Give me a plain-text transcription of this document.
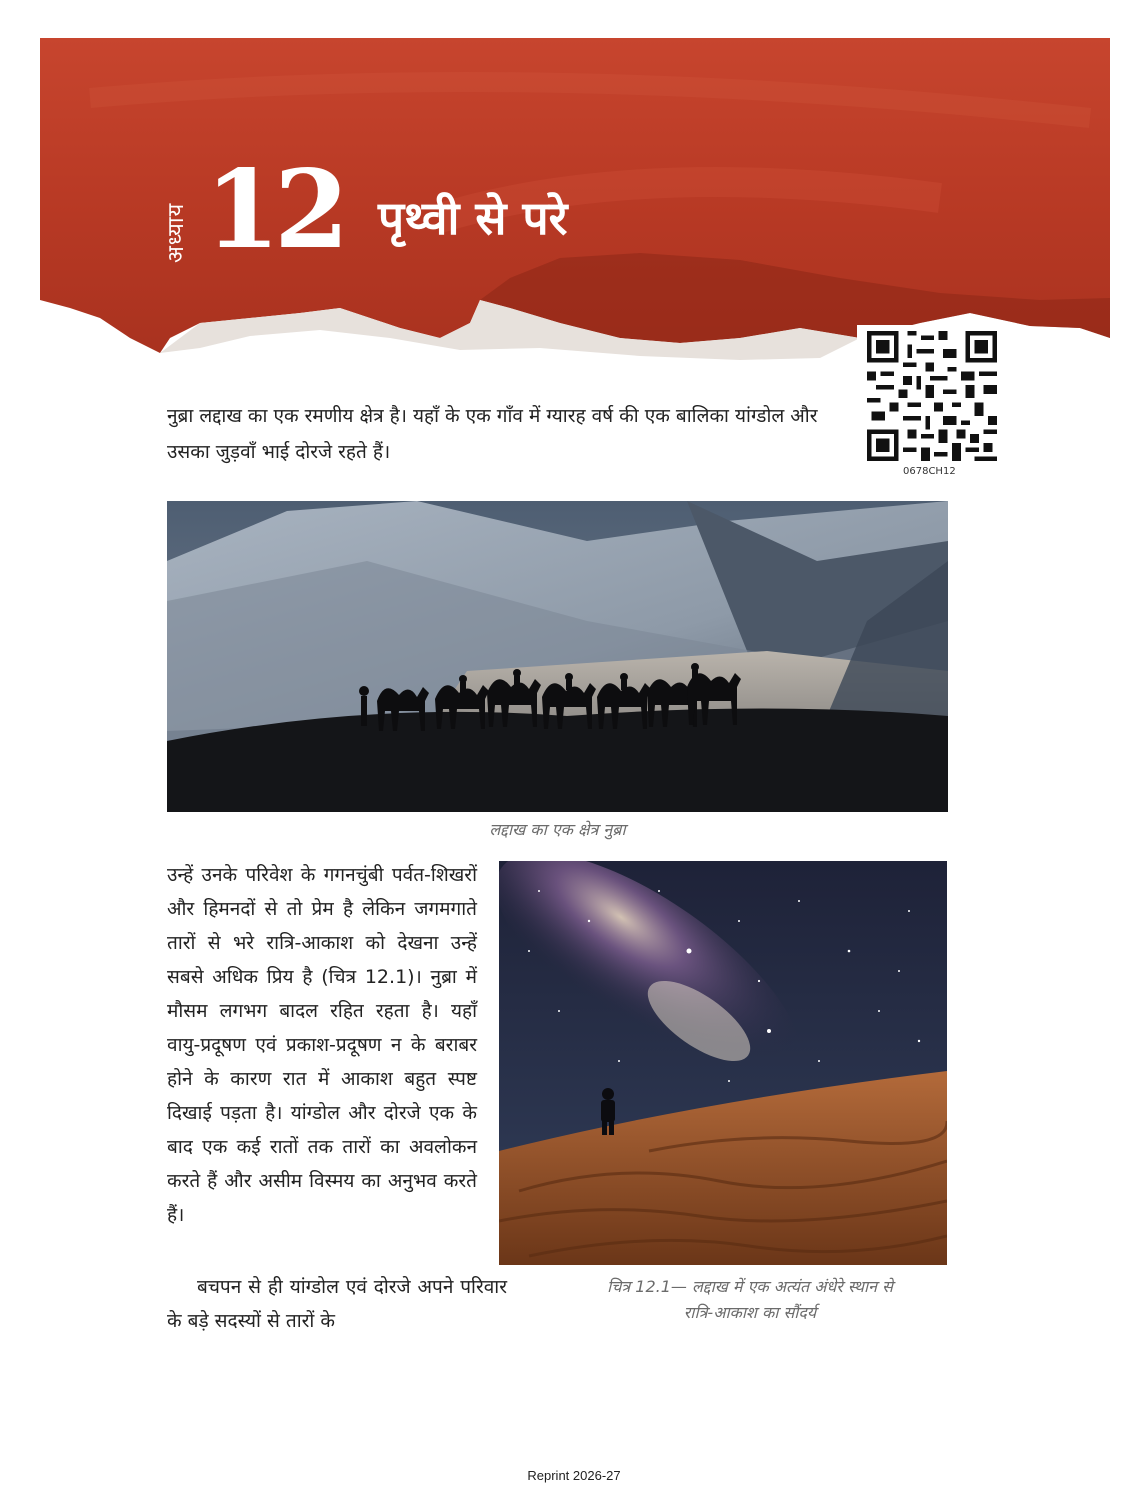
अध्याय 12 पृथ्वी से परे
0678CH12

नुब्रा लद्दाख का एक रमणीय क्षेत्र है। यहाँ के एक गाँव में ग्यारह वर्ष की एक बालिका यांग्डोल और उसका जुड़वाँ भाई दोरजे रहते हैं।

लद्दाख का एक क्षेत्र नुब्रा

उन्हें उनके परिवेश के गगनचुंबी पर्वत-शिखरों और हिमनदों से तो प्रेम है लेकिन जगमगाते तारों से भरे रात्रि-आकाश को देखना उन्हें सबसे अधिक प्रिय है (चित्र 12.1)। नुब्रा में मौसम लगभग बादल रहित रहता है। यहाँ वायु-प्रदूषण एवं प्रकाश-प्रदूषण न के बराबर होने के कारण रात में आकाश बहुत स्पष्ट दिखाई पड़ता है। यांग्डोल और दोरजे एक के बाद एक कई रातों तक तारों का अवलोकन करते हैं और असीम विस्मय का अनुभव करते हैं।

बचपन से ही यांग्डोल एवं दोरजे अपने परिवार के बड़े सदस्यों से तारों के

चित्र 12.1— लद्दाख में एक अत्यंत अंधेरे स्थान से
रात्रि-आकाश का सौंदर्य
Reprint 2026-27
